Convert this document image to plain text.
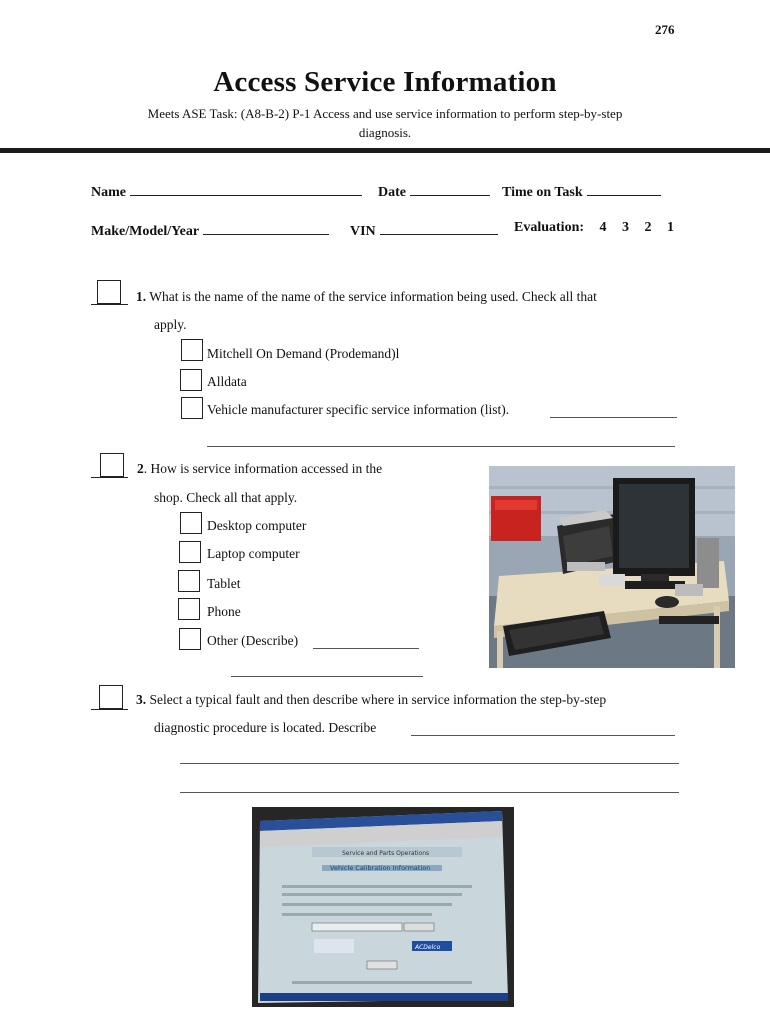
276
Access Service Information
Meets ASE Task: (A8-B-2) P-1 Access and use service information to perform step-by-step
diagnosis.
Name	Date	Time on Task
Make/Model/Year	VIN	Evaluation: 4 3 2 1
1. What is the name of the name of the service information being used. Check all that
apply.
Mitchell On Demand (Prodemand)l
Alldata
Vehicle manufacturer specific service information (list).
2. How is service information accessed in the
shop. Check all that apply.
Desktop computer
Laptop computer
Tablet
Phone
Other (Describe)
3. Select a typical fault and then describe where in service information the step-by-step
diagnostic procedure is located. Describe
Service and Parts Operations
Vehicle Calibration Information
ACDelco
